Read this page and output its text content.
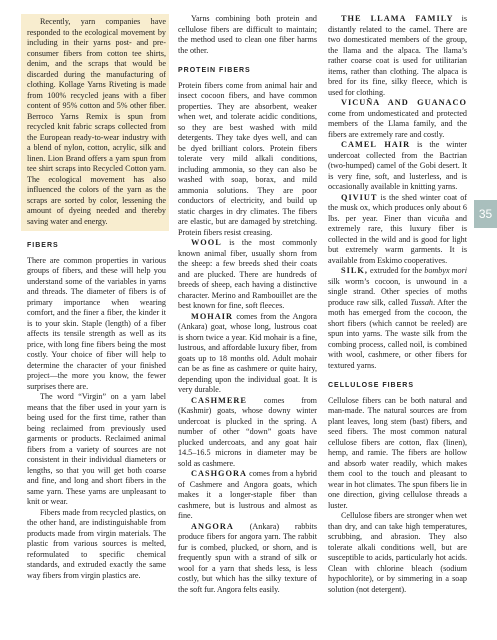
Recently, yarn companies have responded to the ecological movement by including in their yarns post- and pre-consumer fibers from cotton tee shirts, denim, and the scraps that would be discarded during the manufacturing of clothing. Kollage Yarns Riveting is made from 100% recycled jeans with a fiber content of 95% cotton and 5% other fiber. Berroco Yarns Remix is spun from recycled knit fabric scraps collected from the European ready-to-wear industry with a blend of nylon, cotton, acrylic, silk and linen. Lion Brand offers a yarn spun from tee shirt scraps into Recycled Cotton yarn. The ecological movement has also influenced the colors of the yarn as the scraps are sorted by color, lessening the amount of dyeing needed and thereby saving water and energy.

FIBERS

There are common properties in various groups of fibers, and these will help you understand some of the variables in yarns and threads. The diameter of fibers is of primary importance when wearing comfort, and the finer a fiber, the kinder it is to your skin. Staple (length) of a fiber affects its tensile strength as well as its price, with long fine fibers being the most costly. Your choice of fiber will help to determine the character of your finished project—the more you know, the fewer surprises there are.

The word “Virgin” on a yarn label means that the fiber used in your yarn is being used for the first time, rather than being reclaimed from previously used garments or products. Reclaimed animal fibers from a variety of sources are not consistent in their individual diameters or lengths, so that you will get both coarse and fine, and long and short fibers in the same yarn. These yarns are unpleasant to knit or wear.

Fibers made from recycled plastics, on the other hand, are indistinguishable from products made from virgin materials. The plastic from various sources is melted, reformulated to specific chemical standards, and extruded exactly the same way fibers from virgin plastics are.

Yarns combining both protein and cellulose fibers are difficult to maintain; the method used to clean one fiber harms the other.

PROTEIN FIBERS

Protein fibers come from animal hair and insect cocoon fibers, and have common properties. They are absorbent, weaker when wet, and tolerate acidic conditions, so they are best washed with mild detergents. They take dyes well, and can be dyed brilliant colors. Protein fibers tolerate very mild alkali conditions, including ammonia, so they can also be washed with soap, borax, and mild ammonia solutions. They are poor conductors of electricity, and build up static charges in dry climates. The fibers are elastic, but are damaged by stretching. Protein fibers resist creasing.

WOOL is the most commonly known animal fiber, usually shorn from the sheep: a few breeds shed their coats and are plucked. There are hundreds of breeds of sheep, each having a distinctive character. Merino and Rambouillet are the best known for fine, soft fleeces.

MOHAIR comes from the Angora (Ankara) goat, whose long, lustrous coat is shorn twice a year. Kid mohair is a fine, lustrous, and affordable luxury fiber, from goats up to 18 months old. Adult mohair can be as fine as cashmere or quite hairy, depending upon the individual goat. It is very durable.

CASHMERE comes from (Kashmir) goats, whose downy winter undercoat is plucked in the spring. A number of other “down” goats have plucked undercoats, and any goat hair 14.5–16.5 microns in diameter may be sold as cashmere.

CASHGORA comes from a hybrid of Cashmere and Angora goats, which makes it a longer-staple fiber than cashmere, but is lustrous and almost as fine.

ANGORA (Ankara) rabbits produce fibers for angora yarn. The rabbit fur is combed, plucked, or shorn, and is frequently spun with a strand of silk or wool for a yarn that sheds less, is less costly, but which has the silky texture of the soft fur. Angora felts easily.

THE LLAMA FAMILY is distantly related to the camel. There are two domesticated members of the group, the llama and the alpaca. The llama’s rather coarse coat is used for utilitarian items, rather than clothing. The alpaca is bred for its fine, silky fleece, which is used for clothing.

VICUÑA AND GUANACO come from undomesticated and protected members of the Llama family, and the fibers are extremely rare and costly.

CAMEL HAIR is the winter undercoat collected from the Bactrian (two-humped) camel of the Gobi desert. It is very fine, soft, and lusterless, and is occasionally available in knitting yarns.

QIVIUT is the shed winter coat of the musk ox, which produces only about 6 lbs. per year. Finer than vicuña and extremely rare, this luxury fiber is collected in the wild and is good for light but extremely warm garments. It is available from Eskimo cooperatives.

SILK, extruded for the bombyx mori silk worm’s cocoon, is unwound in a single strand. Other species of moths produce raw silk, called Tussah. After the moth has emerged from the cocoon, the short fibers (which cannot be reeled) are spun into yarns. The waste silk from the combing process, called noil, is combined with wool, cashmere, or other fibers for textured yarns.

CELLULOSE FIBERS

Cellulose fibers can be both natural and man-made. The natural sources are from plant leaves, long stem (bast) fibers, and seed fibers. The most common natural cellulose fibers are cotton, flax (linen), hemp, and ramie. The fibers are hollow and absorb water readily, which makes them cool to the touch and pleasant to wear in hot climates. The spun fibers lie in one direction, giving cellulose threads a luster.

Cellulose fibers are stronger when wet than dry, and can take high temperatures, scrubbing, and abrasion. They also tolerate alkali conditions well, but are susceptible to acids, particularly hot acids. Clean with chlorine bleach (sodium hypochlorite), or by simmering in a soap solution (not detergent).

35
